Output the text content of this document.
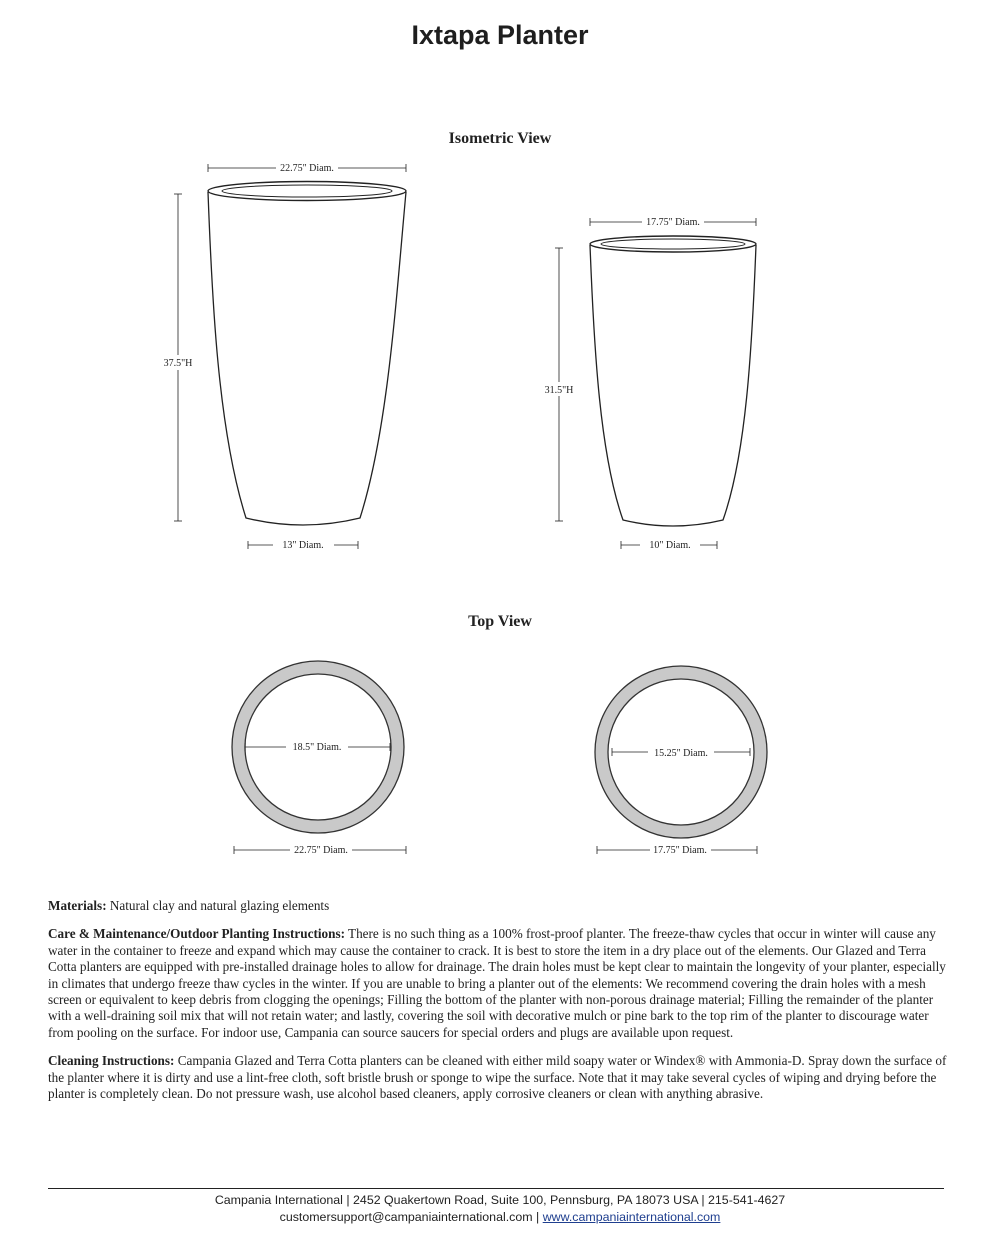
Ixtapa Planter
Isometric View
Top View
22.75" Diam.
37.5"H
13" Diam.
17.75" Diam.
31.5"H
10" Diam.
18.5" Diam.
22.75" Diam.
15.25" Diam.
17.75" Diam.

Materials: Natural clay and natural glazing elements

Care & Maintenance/Outdoor Planting Instructions: There is no such thing as a 100% frost-proof planter. The freeze-thaw cycles that occur in winter will cause any water in the container to freeze and expand which may cause the container to crack. It is best to store the item in a dry place out of the elements. Our Glazed and Terra Cotta planters are equipped with pre-installed drainage holes to allow for drainage. The drain holes must be kept clear to maintain the longevity of your planter, especially in climates that undergo freeze thaw cycles in the winter. If you are unable to bring a planter out of the elements: We recommend covering the drain holes with a mesh screen or equivalent to keep debris from clogging the openings; Filling the bottom of the planter with non-porous drainage material; Filling the remainder of the planter with a well-draining soil mix that will not retain water; and lastly, covering the soil with decorative mulch or pine bark to the top rim of the planter to discourage water from pooling on the surface. For indoor use, Campania can source saucers for special orders and plugs are available upon request.

Cleaning Instructions: Campania Glazed and Terra Cotta planters can be cleaned with either mild soapy water or Windex® with Ammonia-D. Spray down the surface of the planter where it is dirty and use a lint-free cloth, soft bristle brush or sponge to wipe the surface. Note that it may take several cycles of wiping and drying before the planter is completely clean. Do not pressure wash, use alcohol based cleaners, apply corrosive cleaners or clean with anything abrasive.

Campania International | 2452 Quakertown Road, Suite 100, Pennsburg, PA 18073 USA | 215-541-4627
customersupport@campaniainternational.com | www.campaniainternational.com
